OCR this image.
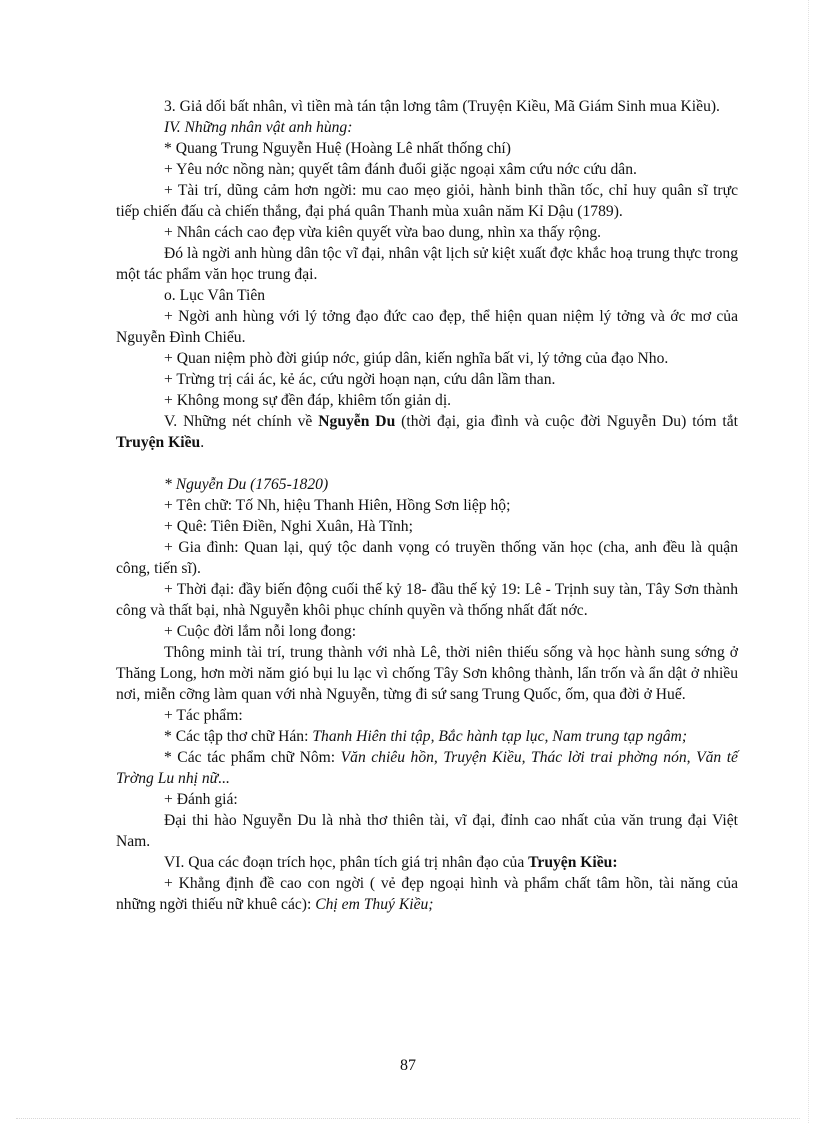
3. Giả dối bất nhân, vì tiền mà tán tận lơng tâm (Truyện Kiều, Mã Giám Sinh mua Kiều).

IV. Những nhân vật anh hùng:

* Quang Trung Nguyễn Huệ (Hoàng Lê nhất thống chí)

+ Yêu nớc nồng nàn; quyết tâm đánh đuổi giặc ngoại xâm cứu nớc cứu dân.

+ Tài trí, dũng cảm hơn ngời: mu cao mẹo giỏi, hành binh thần tốc, chỉ huy quân sĩ trực tiếp chiến đấu cà chiến thắng, đại phá quân Thanh mùa xuân năm Kỉ Dậu (1789).

+ Nhân cách cao đẹp vừa kiên quyết vừa bao dung, nhìn xa thấy rộng.

Đó là ngời anh hùng dân tộc vĩ đại, nhân vật lịch sử kiệt xuất đợc khắc hoạ trung thực trong một tác phẩm văn học trung đại.

o. Lục Vân Tiên

+ Ngời anh hùng với lý tởng đạo đức cao đẹp, thể hiện quan niệm lý tởng và ớc mơ của Nguyễn Đình Chiểu.

+ Quan niệm phò đời giúp nớc, giúp dân, kiến nghĩa bất vi, lý tởng của đạo Nho.

+ Trừng trị cái ác, kẻ ác, cứu ngời hoạn nạn, cứu dân lầm than.

+ Không mong sự đền đáp, khiêm tốn giản dị.

V. Những nét chính về Nguyễn Du (thời đại, gia đình và cuộc đời Nguyễn Du) tóm tắt Truyện Kiều.

* Nguyễn Du (1765-1820)

+ Tên chữ: Tố Nh, hiệu Thanh Hiên, Hồng Sơn liệp hộ;

+ Quê: Tiên Điền, Nghi Xuân, Hà Tĩnh;

+ Gia đình: Quan lại, quý tộc danh vọng có truyền thống văn học (cha, anh đều là quận công, tiến sĩ).

+ Thời đại: đầy biến động cuối thế kỷ 18- đầu thế kỷ 19: Lê - Trịnh suy tàn, Tây Sơn thành công và thất bại, nhà Nguyễn khôi phục chính quyền và thống nhất đất nớc.

+ Cuộc đời lắm nỗi long đong:

Thông minh tài trí, trung thành với nhà Lê, thời niên thiếu sống và học hành sung sớng ở Thăng Long, hơn mời năm gió bụi lu lạc vì chống Tây Sơn không thành, lẩn trốn và ẩn dật ở nhiều nơi, miễn cỡng làm quan với nhà Nguyễn, từng đi sứ sang Trung Quốc, ốm, qua đời ở Huế.

+ Tác phẩm:

* Các tập thơ chữ Hán: Thanh Hiên thi tập, Bắc hành tạp lục, Nam trung tạp ngâm;

* Các tác phẩm chữ Nôm: Văn chiêu hồn, Truyện Kiều, Thác lời trai phờng nón, Văn tế Trờng Lu nhị nữ...

+ Đánh giá:

Đại thi hào Nguyễn Du là nhà thơ thiên tài, vĩ đại, đỉnh cao nhất của văn trung đại Việt Nam.

VI. Qua các đoạn trích học, phân tích giá trị nhân đạo của Truyện Kiều:

+ Khẳng định đề cao con ngời ( vẻ đẹp ngoại hình và phẩm chất tâm hồn, tài năng của những ngời thiếu nữ khuê các): Chị em Thuý Kiều;

87
